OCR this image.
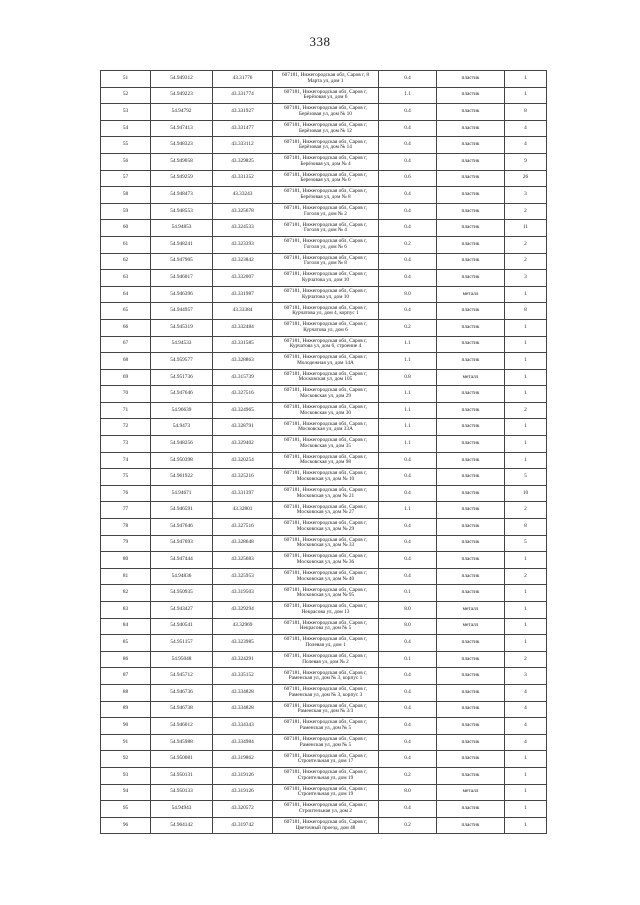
338
51	54.949312	43.31776	607181, Нижегородская обл, Саров г, 8
Марта ул, дом 1	0.4	пластик	1
52	54.949223	43.331774	607181, Нижегородская обл, Саров г,
Берёзовая ул, дом 6	1.1	пластик	1
53	54.94792	43.331927	607181, Нижегородская обл, Саров г,
Берёзовая ул, дом № 10	0.4	пластик	8
54	54.947413	43.331477	607181, Нижегородская обл, Саров г,
Берёзовая ул, дом № 12	0.4	пластик	4
55	54.948323	43.333112	607181, Нижегородская обл, Саров г,
Берёзовая ул, дом № 14	0.4	пластик	4
56	54.949058	43.329825	607181, Нижегородская обл, Саров г,
Берёзовая ул, дом № 4	0.4	пластик	9
57	54.949259	43.331352	607181, Нижегородская обл, Саров г,
Березовая ул, дом № 6	0.6	пластик	26
58	54.948473	43.33243	607181, Нижегородская обл, Саров г,
Берёзовая ул, дом № 8	0.4	пластик	3
59	54.948553	43.325678	607181, Нижегородская обл, Саров г,
Гоголя ул, дом № 2	0.4	пластик	2
60	54.94853	43.324533	607181, Нижегородская обл, Саров г,
Гоголя ул, дом № 4	0.4	пластик	11
61	54.948241	43.323393	607181, Нижегородская обл, Саров г,
Гоголя ул, дом № 6	0.2	пластик	2
62	54.947905	43.323842	607181, Нижегородская обл, Саров г,
Гоголя ул, дом № 8	0.4	пластик	2
63	54.946017	43.332007	607181, Нижегородская обл, Саров г,
Курчатова ул, дом 10	0.4	пластик	3
64	54.946396	43.331987	607181, Нижегородская обл, Саров г,
Курчатова ул, дом 10	8.0	металл	1
65	54.944957	43.33384	607181, Нижегородская обл, Саров г,
Курчатова ул, дом 4, корпус 1	0.4	пластик	8
66	54.945319	43.332484	607181, Нижегородская обл, Саров г,
Курчатова ул, дом 6	0.2	пластик	1
67	54.94533	43.331585	607181, Нижегородская обл, Саров г,
Курчатова ул, дом 6, строение 4	1.1	пластик	1
68	54.959577	43.328863	607181, Нижегородская обл, Саров г,
Молодежная ул, дом 14А	1.1	пластик	1
69	54.951736	43.315739	607181, Нижегородская обл, Саров г,
Московская ул, дом 105	0.8	металл	1
70	54.947646	43.327516	607181, Нижегородская обл, Саров г,
Московская ул, дом 29	1.1	пластик	1
71	54.96639	43.324965	607181, Нижегородская обл, Саров г,
Московская ул, дом 30	1.1	пластик	2
72	54.9473	43.328791	607181, Нижегородская обл, Саров г,
Московская ул, дом 33А	1.1	пластик	1
73	54.948256	43.329402	607181, Нижегородская обл, Саров г,
Московская ул, дом 35	1.1	пластик	1
74	54.950398	43.320254	607181, Нижегородская обл, Саров г,
Московская ул, дом 98	0.4	пластик	1
75	54.961922	43.325216	607181, Нижегородская обл, Саров г,
Московская ул, дом № 10	0.4	пластик	5
76	54.94671	43.331397	607181, Нижегородская обл, Саров г,
Московская ул, дом № 21	0.4	пластик	10
77	54.946591	43.32801	607181, Нижегородская обл, Саров г,
Московская ул, дом № 27	1.1	пластик	2
78	54.947646	43.327516	607181, Нижегородская обл, Саров г,
Московская ул, дом № 29	0.4	пластик	8
79	54.947693	43.328648	607181, Нижегородская обл, Саров г,
Московская ул, дом № 33	0.4	пластик	5
80	54.947444	43.325683	607181, Нижегородская обл, Саров г,
Московская ул, дом № 36	0.4	пластик	1
81	54.94836	43.325953	607181, Нижегородская обл, Саров г,
Московская ул, дом № 40	0.4	пластик	2
82	54.950935	43.319503	607181, Нижегородская обл, Саров г,
Московская ул, дом № 95	0.1	пластик	1
83	54.943427	43.329294	607181, Нижегородская обл, Саров г,
Некрасова ул, дом 13	8.0	металл	1
84	54.940541	43.32969	607181, Нижегородская обл, Саров г,
Некрасова ул, дом № 5	8.0	металл	1
85	54.951157	43.323985	607181, Нижегородская обл, Саров г,
Полевая ул, дом 1	0.4	пластик	1
86	54.95048	43.324291	607181, Нижегородская обл, Саров г,
Полевая ул, дом № 2	0.1	пластик	2
87	54.945712	43.335152	607181, Нижегородская обл, Саров г,
Раменская ул, дом № 3, корпус 1	0.4	пластик	3
88	54.946736	43.334828	607181, Нижегородская обл, Саров г,
Раменская ул, дом № 3, корпус 3	0.4	пластик	4
89	54.946738	43.334828	607181, Нижегородская обл, Саров г,
Раменская ул, дом № 3/3	0.4	пластик	4
90	54.946012	43.334343	607181, Нижегородская обл, Саров г,
Раменская ул, дом № 5	0.4	пластик	4
91	54.945988	43.334984	607181, Нижегородская обл, Саров г,
Раменская ул, дом № 5	0.4	пластик	4
92	54.950081	43.319862	607181, Нижегородская обл, Саров г,
Строительная ул, дом 17	0.4	пластик	1
93	54.950131	43.319126	607181, Нижегородская обл, Саров г,
Строительная ул, дом 19	0.2	пластик	1
94	54.950133	43.319126	607181, Нижегородская обл, Саров г,
Строительная ул, дом 19	8.0	металл	1
95	54.94943	43.320572	607181, Нижегородская обл, Саров г,
Строительная ул, дом 2	0.4	пластик	1
96	54.964142	43.319742	607181, Нижегородская обл, Саров г,
Цветочный проезд, дом 48	0.2	пластик	1
